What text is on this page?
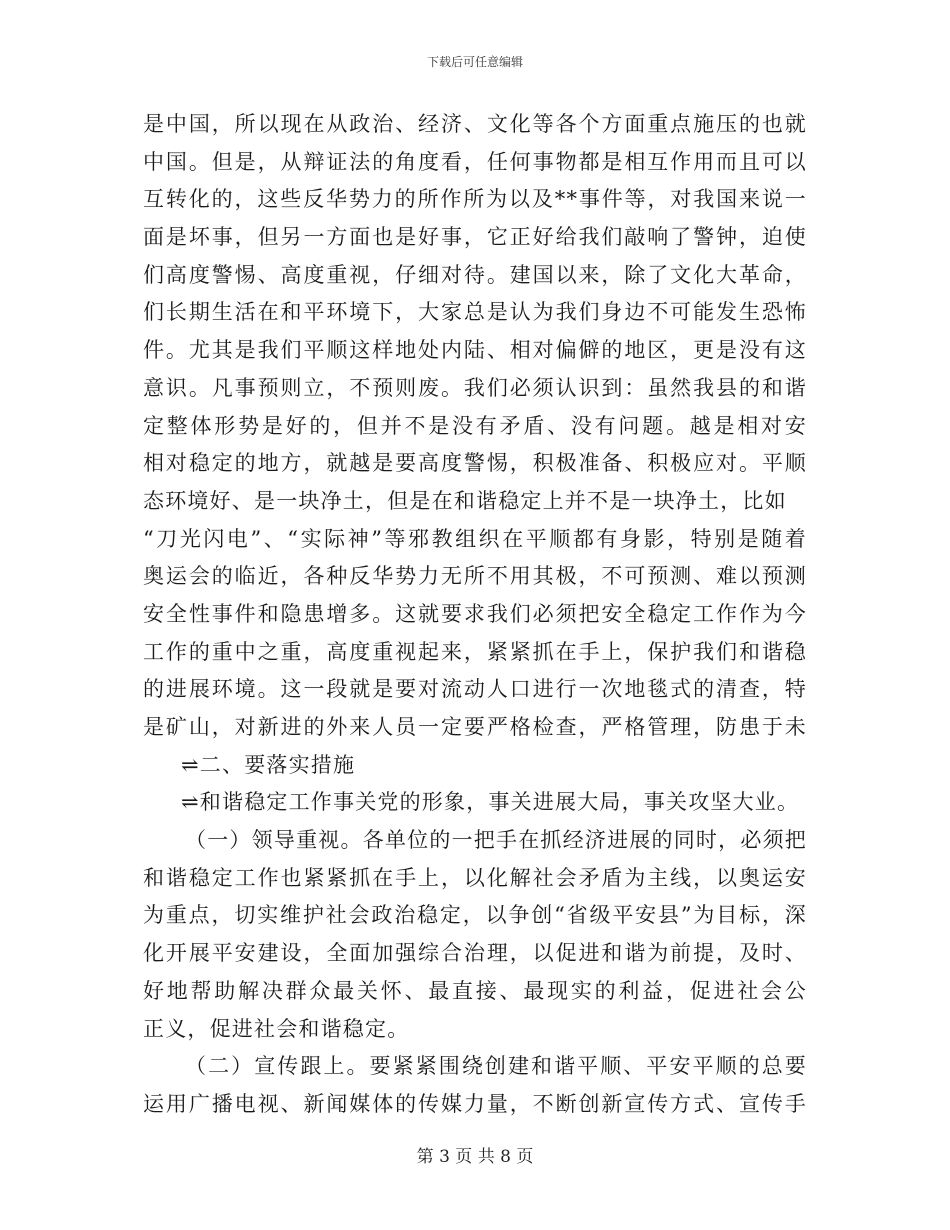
下载后可任意编辑
是中国，所以现在从政治、经济、文化等各个方面重点施压的也就
中国。但是，从辩证法的角度看，任何事物都是相互作用而且可以
互转化的，这些反华势力的所作所为以及**事件等，对我国来说一
面是坏事，但另一方面也是好事，它正好给我们敲响了警钟，迫使
们高度警惕、高度重视，仔细对待。建国以来，除了文化大革命，
们长期生活在和平环境下，大家总是认为我们身边不可能发生恐怖
件。尤其是我们平顺这样地处内陆、相对偏僻的地区，更是没有这
意识。凡事预则立，不预则废。我们必须认识到：虽然我县的和谐
定整体形势是好的，但并不是没有矛盾、没有问题。越是相对安
相对稳定的地方，就越是要高度警惕，积极准备、积极应对。平顺
态环境好、是一块净土，但是在和谐稳定上并不是一块净土，比如
“刀光闪电”、“实际神”等邪教组织在平顺都有身影，特别是随着
奥运会的临近，各种反华势力无所不用其极，不可预测、难以预测
安全性事件和隐患增多。这就要求我们必须把安全稳定工作作为今
工作的重中之重，高度重视起来，紧紧抓在手上，保护我们和谐稳
的进展环境。这一段就是要对流动人口进行一次地毯式的清查，特
是矿山，对新进的外来人员一定要严格检查，严格管理，防患于未
⇌二、要落实措施
⇌和谐稳定工作事关党的形象，事关进展大局，事关攻坚大业。
（一）领导重视。各单位的一把手在抓经济进展的同时，必须把
和谐稳定工作也紧紧抓在手上，以化解社会矛盾为主线，以奥运安
为重点，切实维护社会政治稳定，以争创“省级平安县”为目标，深
化开展平安建设，全面加强综合治理，以促进和谐为前提，及时、
好地帮助解决群众最关怀、最直接、最现实的利益，促进社会公
正义，促进社会和谐稳定。
（二）宣传跟上。要紧紧围绕创建和谐平顺、平安平顺的总要
运用广播电视、新闻媒体的传媒力量，不断创新宣传方式、宣传手
第 3 页 共 8 页
